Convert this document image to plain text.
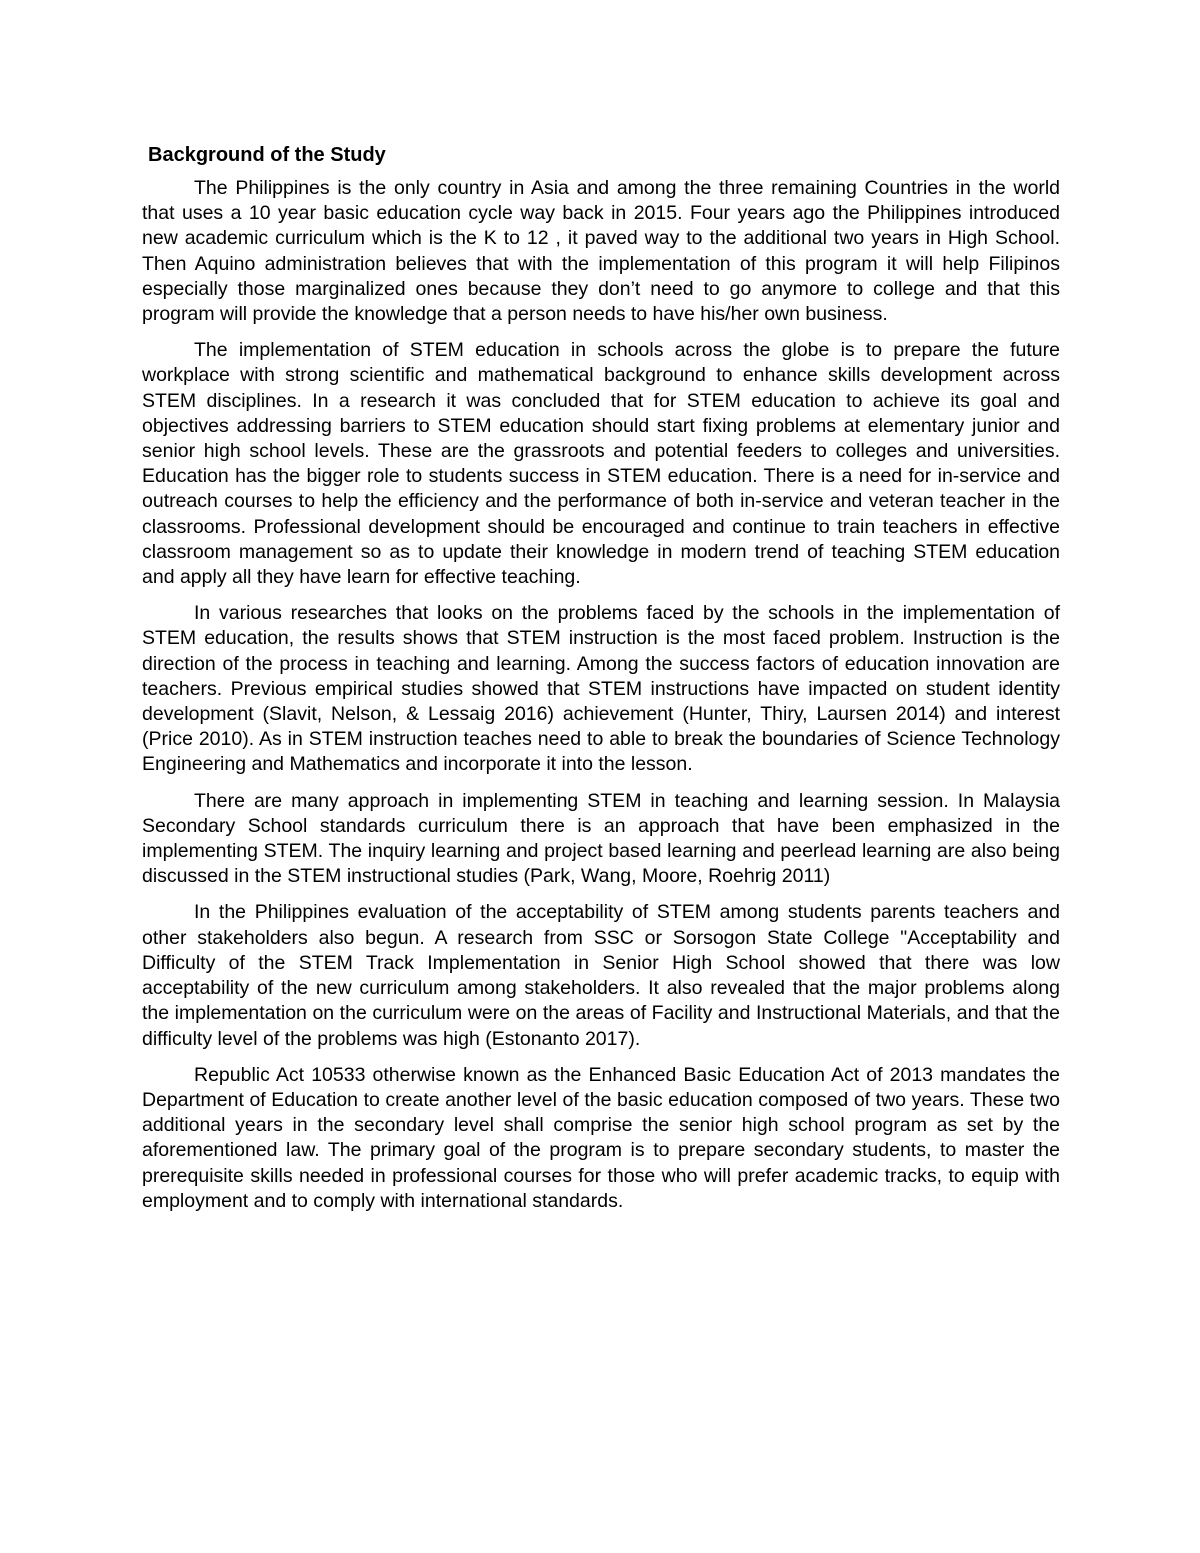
Background of the Study

The Philippines is the only country in Asia and among the three remaining Countries in the world that uses a 10 year basic education cycle way back in 2015. Four years ago the Philippines introduced new academic curriculum which is the K to 12 , it paved way to the additional two years in High School. Then Aquino administration believes that with the implementation of this program it will help Filipinos especially those marginalized ones because they don’t need to go anymore to college and that this program will provide the knowledge that a person needs to have his/her own business.

The implementation of STEM education in schools across the globe is to prepare the future workplace with strong scientific and mathematical background to enhance skills development across STEM disciplines. In a research it was concluded that for STEM education to achieve its goal and objectives addressing barriers to STEM education should start fixing problems at elementary junior and senior high school levels. These are the grassroots and potential feeders to colleges and universities. Education has the bigger role to students success in STEM education. There is a need for in-service and outreach courses to help the efficiency and the performance of both in-service and veteran teacher in the classrooms. Professional development should be encouraged and continue to train teachers in effective classroom management so as to update their knowledge in modern trend of teaching STEM education and apply all they have learn for effective teaching.

In various researches that looks on the problems faced by the schools in the implementation of STEM education, the results shows that STEM instruction is the most faced problem. Instruction is the direction of the process in teaching and learning. Among the success factors of education innovation are teachers. Previous empirical studies showed that STEM instructions have impacted on student identity development (Slavit, Nelson, & Lessaig 2016) achievement (Hunter, Thiry, Laursen 2014) and interest (Price 2010). As in STEM instruction teaches need to able to break the boundaries of Science Technology Engineering and Mathematics and incorporate it into the lesson.

There are many approach in implementing STEM in teaching and learning session. In Malaysia Secondary School standards curriculum there is an approach that have been emphasized in the implementing STEM. The inquiry learning and project based learning and peerlead learning are also being discussed in the STEM instructional studies (Park, Wang, Moore, Roehrig 2011)

In the Philippines evaluation of the acceptability of STEM among students parents teachers and other stakeholders also begun. A research from SSC or Sorsogon State College "Acceptability and Difficulty of the STEM Track Implementation in Senior High School showed that there was low acceptability of the new curriculum among stakeholders. It also revealed that the major problems along the implementation on the curriculum were on the areas of Facility and Instructional Materials, and that the difficulty level of the problems was high (Estonanto 2017).

Republic Act 10533 otherwise known as the Enhanced Basic Education Act of 2013 mandates the Department of Education to create another level of the basic education composed of two years. These two additional years in the secondary level shall comprise the senior high school program as set by the aforementioned law. The primary goal of the program is to prepare secondary students, to master the prerequisite skills needed in professional courses for those who will prefer academic tracks, to equip with employment and to comply with international standards.
